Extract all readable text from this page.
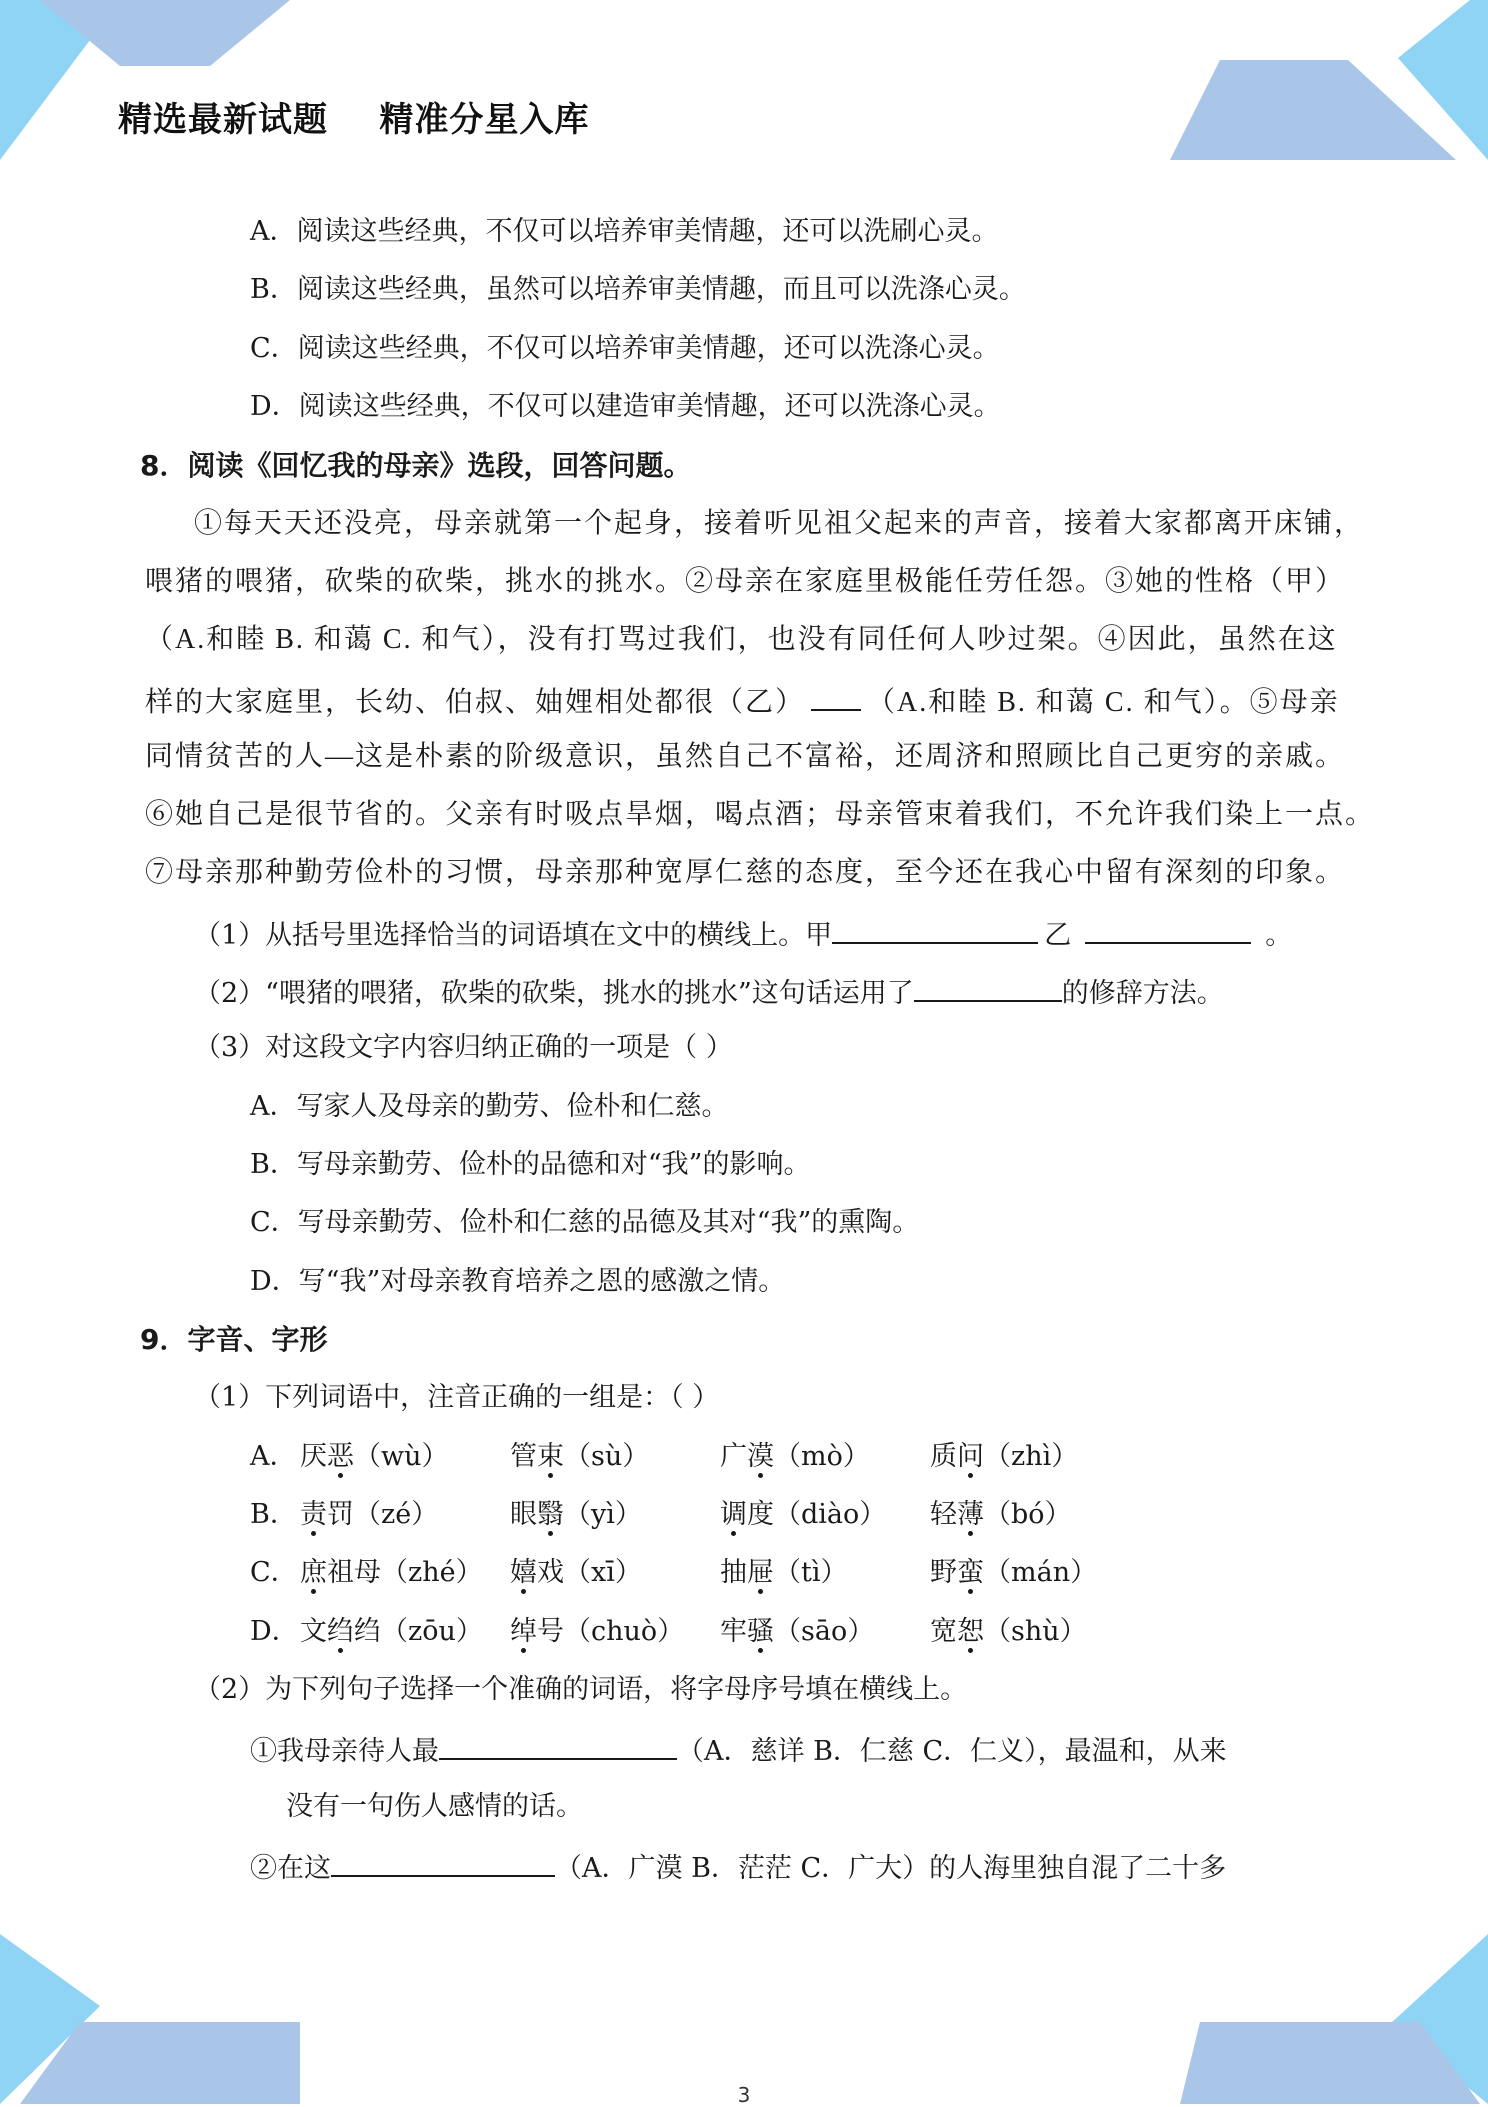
精选最新试题    精准分星入库
A．阅读这些经典，不仅可以培养审美情趣，还可以洗刷心灵。
B．阅读这些经典，虽然可以培养审美情趣，而且可以洗涤心灵。
C．阅读这些经典，不仅可以培养审美情趣，还可以洗涤心灵。
D．阅读这些经典，不仅可以建造审美情趣，还可以洗涤心灵。
8．阅读《回忆我的母亲》选段，回答问题。
①每天天还没亮，母亲就第一个起身，接着听见祖父起来的声音，接着大家都离开床铺，
喂猪的喂猪，砍柴的砍柴，挑水的挑水。②母亲在家庭里极能任劳任怨。③她的性格（甲）
（A.和睦 B. 和蔼 C. 和气），没有打骂过我们，也没有同任何人吵过架。④因此，虽然在这
样的大家庭里，长幼、伯叔、妯娌相处都很（乙） （A.和睦 B. 和蔼 C. 和气）。⑤母亲
同情贫苦的人—这是朴素的阶级意识，虽然自己不富裕，还周济和照顾比自己更穷的亲戚。
⑥她自己是很节省的。父亲有时吸点旱烟，喝点酒；母亲管束着我们，不允许我们染上一点。
⑦母亲那种勤劳俭朴的习惯，母亲那种宽厚仁慈的态度，至今还在我心中留有深刻的印象。
（1）从括号里选择恰当的词语填在文中的横线上。甲	乙	。
（2）“喂猪的喂猪，砍柴的砍柴，挑水的挑水”这句话运用了	的修辞方法。
（3）对这段文字内容归纳正确的一项是（ ）
A．写家人及母亲的勤劳、俭朴和仁慈。
B．写母亲勤劳、俭朴的品德和对“我”的影响。
C．写母亲勤劳、俭朴和仁慈的品德及其对“我”的熏陶。
D．写“我”对母亲教育培养之恩的感激之情。
9．字音、字形
（1）下列词语中，注音正确的一组是：（ ）
A． 厌恶（wù） 管束（sù）	广漠（mò） 质问（zhì）
B． 责罚（zé）	眼翳（yì）	调度（diào） 轻薄（bó）
C． 庶祖母（zhé） 嬉戏（xī）	抽屉（tì）	野蛮（mán）
D． 文绉绉（zōu） 绰号（chuò） 牢骚（sāo） 宽恕（shù）
（2）为下列句子选择一个准确的词语，将字母序号填在横线上。
①我母亲待人最	（A．慈详 B．仁慈 C．仁义），最温和，从来
没有一句伤人感情的话。
②在这	（A．广漠 B．茫茫 C．广大）的人海里独自混了二十多
3
